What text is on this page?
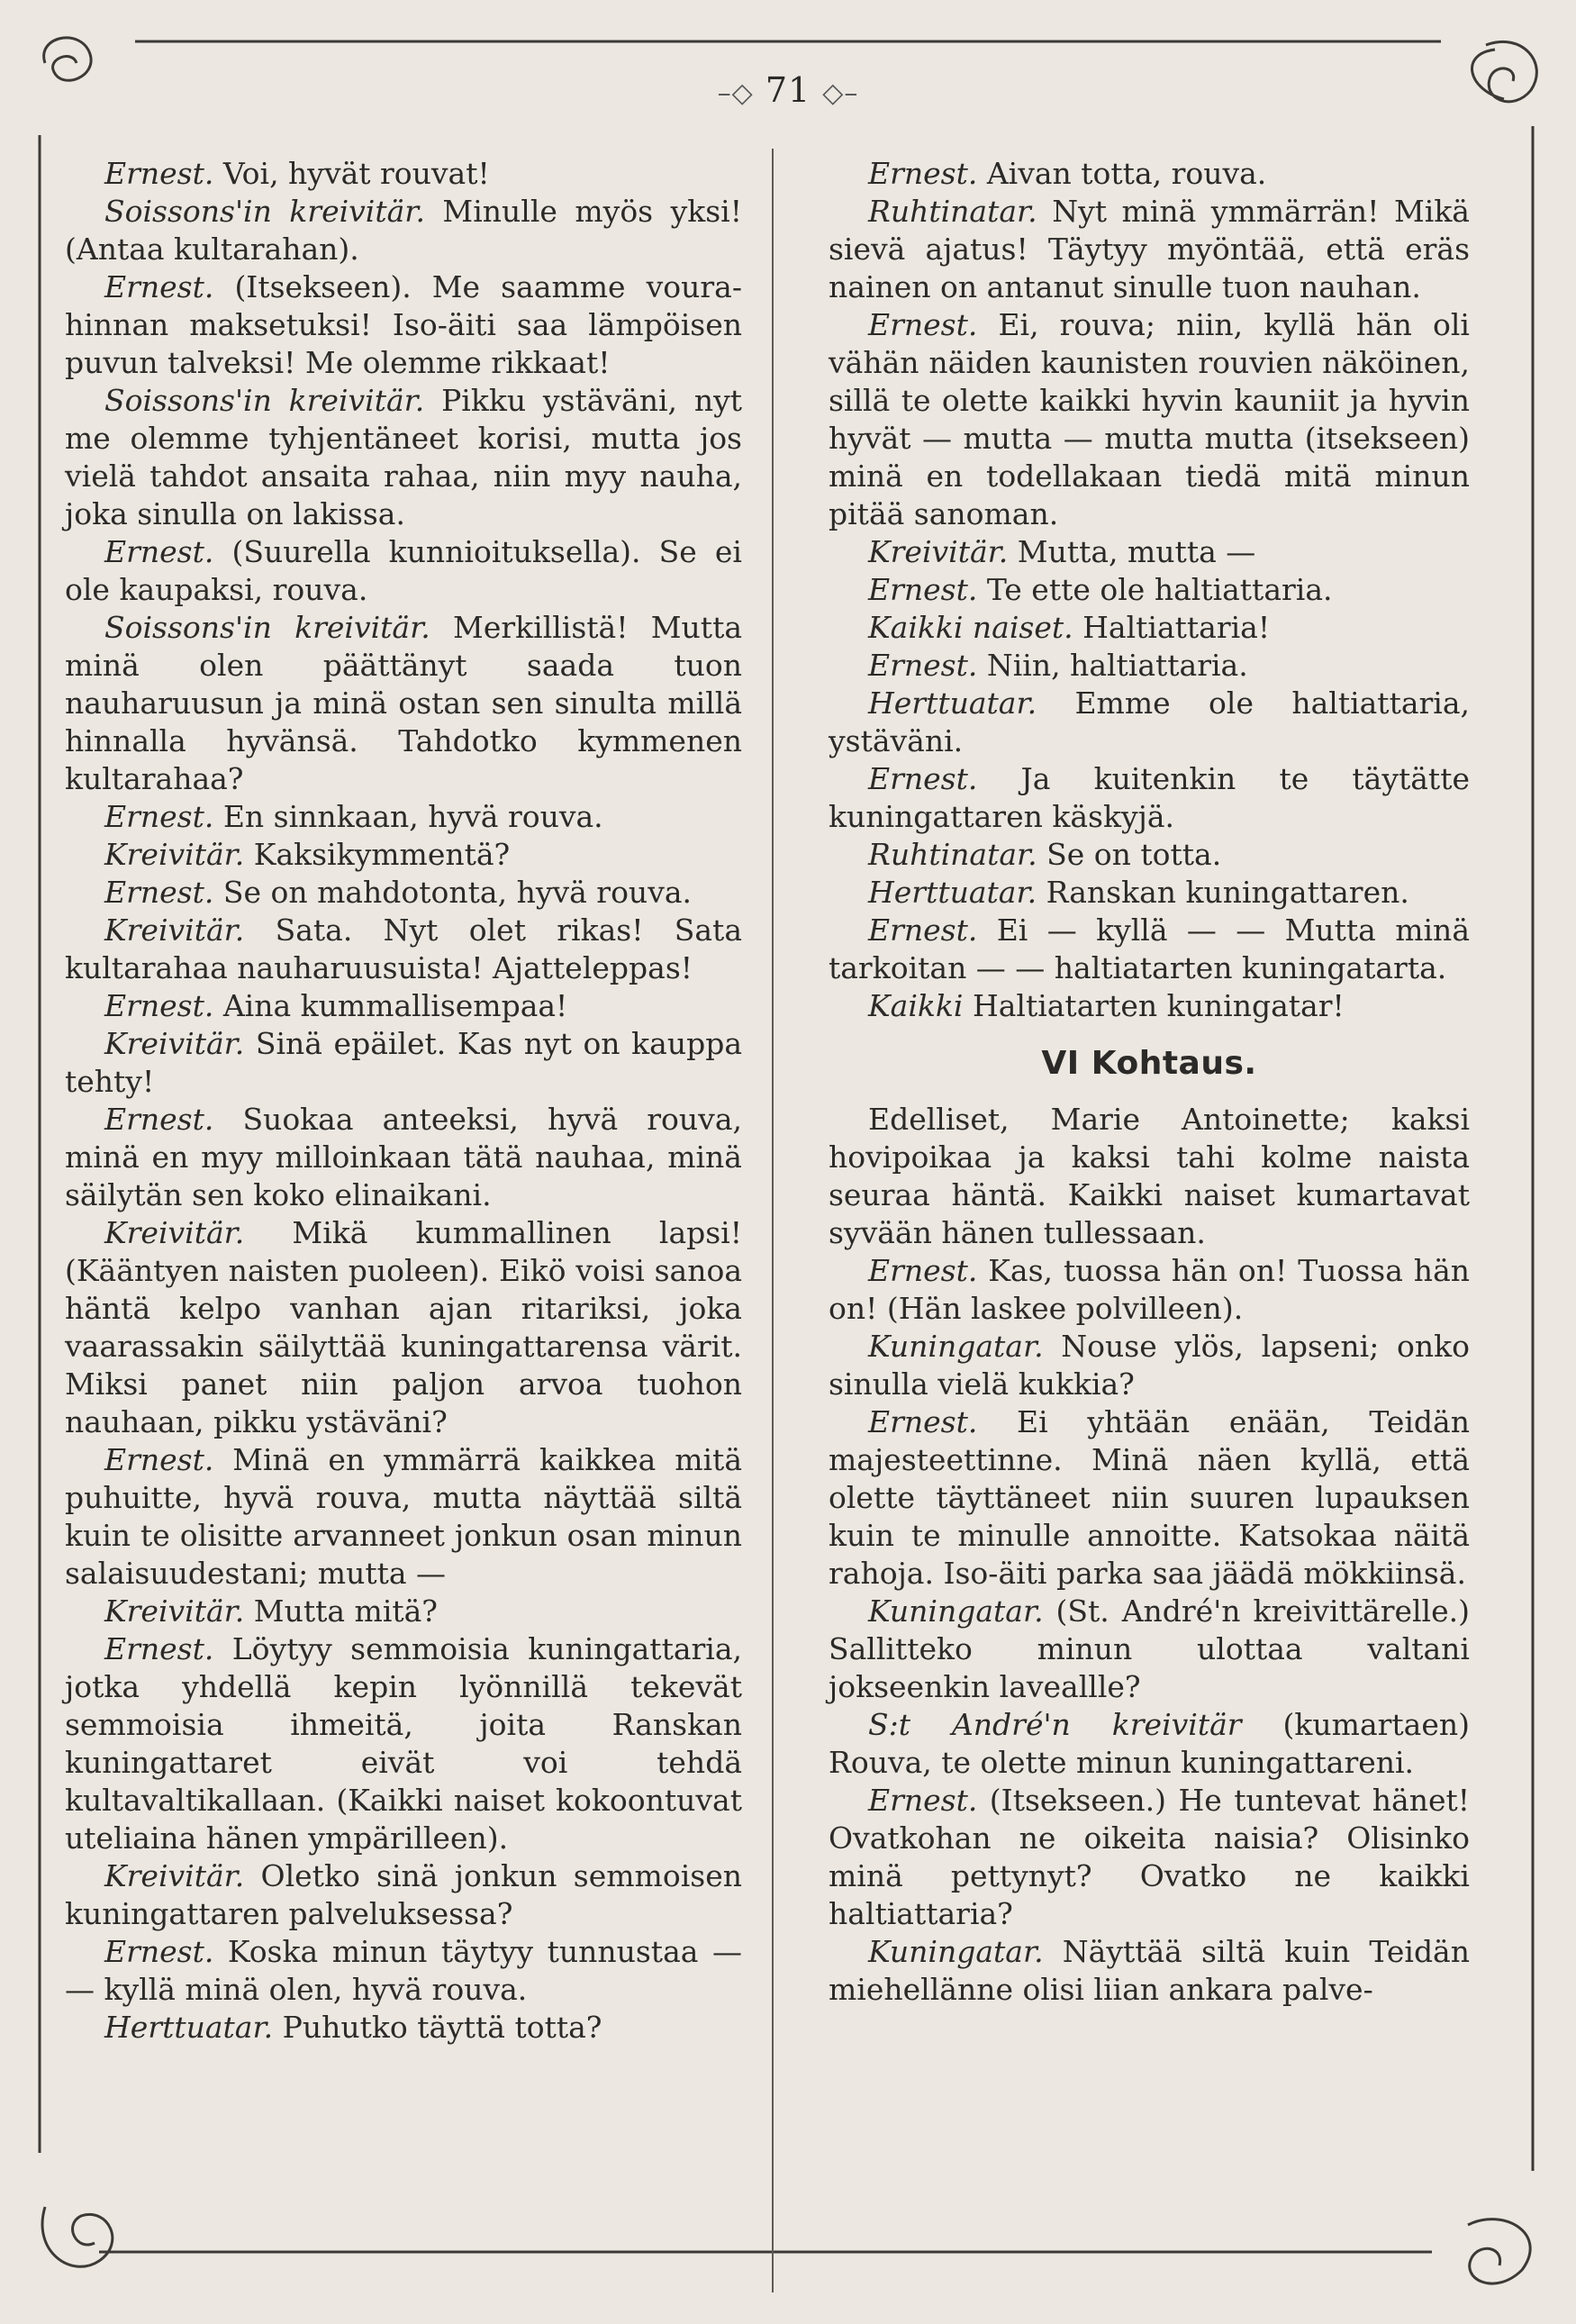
–◇ 71 ◇–

Ernest. Voi, hyvät rouvat!

Soissons'in kreivitär. Minulle myös yksi! (Antaa kultarahan).

Ernest. (Itsekseen). Me saamme voura-hinnan maksetuksi! Iso-äiti saa lämpöisen puvun talveksi! Me olemme rikkaat!

Soissons'in kreivitär. Pikku ystäväni, nyt me olemme tyhjentäneet korisi, mutta jos vielä tahdot ansaita rahaa, niin myy nauha, joka sinulla on lakissa.

Ernest. (Suurella kunnioituksella). Se ei ole kaupaksi, rouva.

Soissons'in kreivitär. Merkillistä! Mutta minä olen päättänyt saada tuon nauharuusun ja minä ostan sen sinulta millä hinnalla hyvänsä. Tahdotko kymmenen kultarahaa?

Ernest. En sinnkaan, hyvä rouva.

Kreivitär. Kaksikymmentä?

Ernest. Se on mahdotonta, hyvä rouva.

Kreivitär. Sata. Nyt olet rikas! Sata kultarahaa nauharuusuista! Ajatteleppas!

Ernest. Aina kummallisempaa!

Kreivitär. Sinä epäilet. Kas nyt on kauppa tehty!

Ernest. Suokaa anteeksi, hyvä rouva, minä en myy milloinkaan tätä nauhaa, minä säilytän sen koko elinaikani.

Kreivitär. Mikä kummallinen lapsi! (Kääntyen naisten puoleen). Eikö voisi sanoa häntä kelpo vanhan ajan ritariksi, joka vaarassakin säilyttää kuningattarensa värit. Miksi panet niin paljon arvoa tuohon nauhaan, pikku ystäväni?

Ernest. Minä en ymmärrä kaikkea mitä puhuitte, hyvä rouva, mutta näyttää siltä kuin te olisitte arvanneet jonkun osan minun salaisuudestani; mutta —

Kreivitär. Mutta mitä?

Ernest. Löytyy semmoisia kuningattaria, jotka yhdellä kepin lyönnillä tekevät semmoisia ihmeitä, joita Ranskan kuningattaret eivät voi tehdä kultavaltikallaan. (Kaikki naiset kokoontuvat uteliaina hänen ympärilleen).

Kreivitär. Oletko sinä jonkun semmoisen kuningattaren palveluksessa?

Ernest. Koska minun täytyy tunnustaa — — kyllä minä olen, hyvä rouva.

Herttuatar. Puhutko täyttä totta?

Ernest. Aivan totta, rouva.

Ruhtinatar. Nyt minä ymmärrän! Mikä sievä ajatus! Täytyy myöntää, että eräs nainen on antanut sinulle tuon nauhan.

Ernest. Ei, rouva; niin, kyllä hän oli vähän näiden kaunisten rouvien näköinen, sillä te olette kaikki hyvin kauniit ja hyvin hyvät — mutta — mutta mutta (itsekseen) minä en todellakaan tiedä mitä minun pitää sanoman.

Kreivitär. Mutta, mutta —

Ernest. Te ette ole haltiattaria.

Kaikki naiset. Haltiattaria!

Ernest. Niin, haltiattaria.

Herttuatar. Emme ole haltiattaria, ystäväni.

Ernest. Ja kuitenkin te täytätte kuningattaren käskyjä.

Ruhtinatar. Se on totta.

Herttuatar. Ranskan kuningattaren.

Ernest. Ei — kyllä — — Mutta minä tarkoitan — — haltiatarten kuningatarta.

Kaikki Haltiatarten kuningatar!

VI Kohtaus.

Edelliset, Marie Antoinette; kaksi hovipoikaa ja kaksi tahi kolme naista seuraa häntä. Kaikki naiset kumartavat syvään hänen tullessaan.

Ernest. Kas, tuossa hän on! Tuossa hän on! (Hän laskee polvilleen).

Kuningatar. Nouse ylös, lapseni; onko sinulla vielä kukkia?

Ernest. Ei yhtään enään, Teidän majesteettinne. Minä näen kyllä, että olette täyttäneet niin suuren lupauksen kuin te minulle annoitte. Katsokaa näitä rahoja. Iso-äiti parka saa jäädä mökkiinsä.

Kuningatar. (St. André'n kreivittärelle.) Sallitteko minun ulottaa valtani jokseenkin laveallle?

S:t André'n kreivitär (kumartaen) Rouva, te olette minun kuningattareni.

Ernest. (Itsekseen.) He tuntevat hänet! Ovatkohan ne oikeita naisia? Olisinko minä pettynyt? Ovatko ne kaikki haltiattaria?

Kuningatar. Näyttää siltä kuin Teidän miehellänne olisi liian ankara palve-
